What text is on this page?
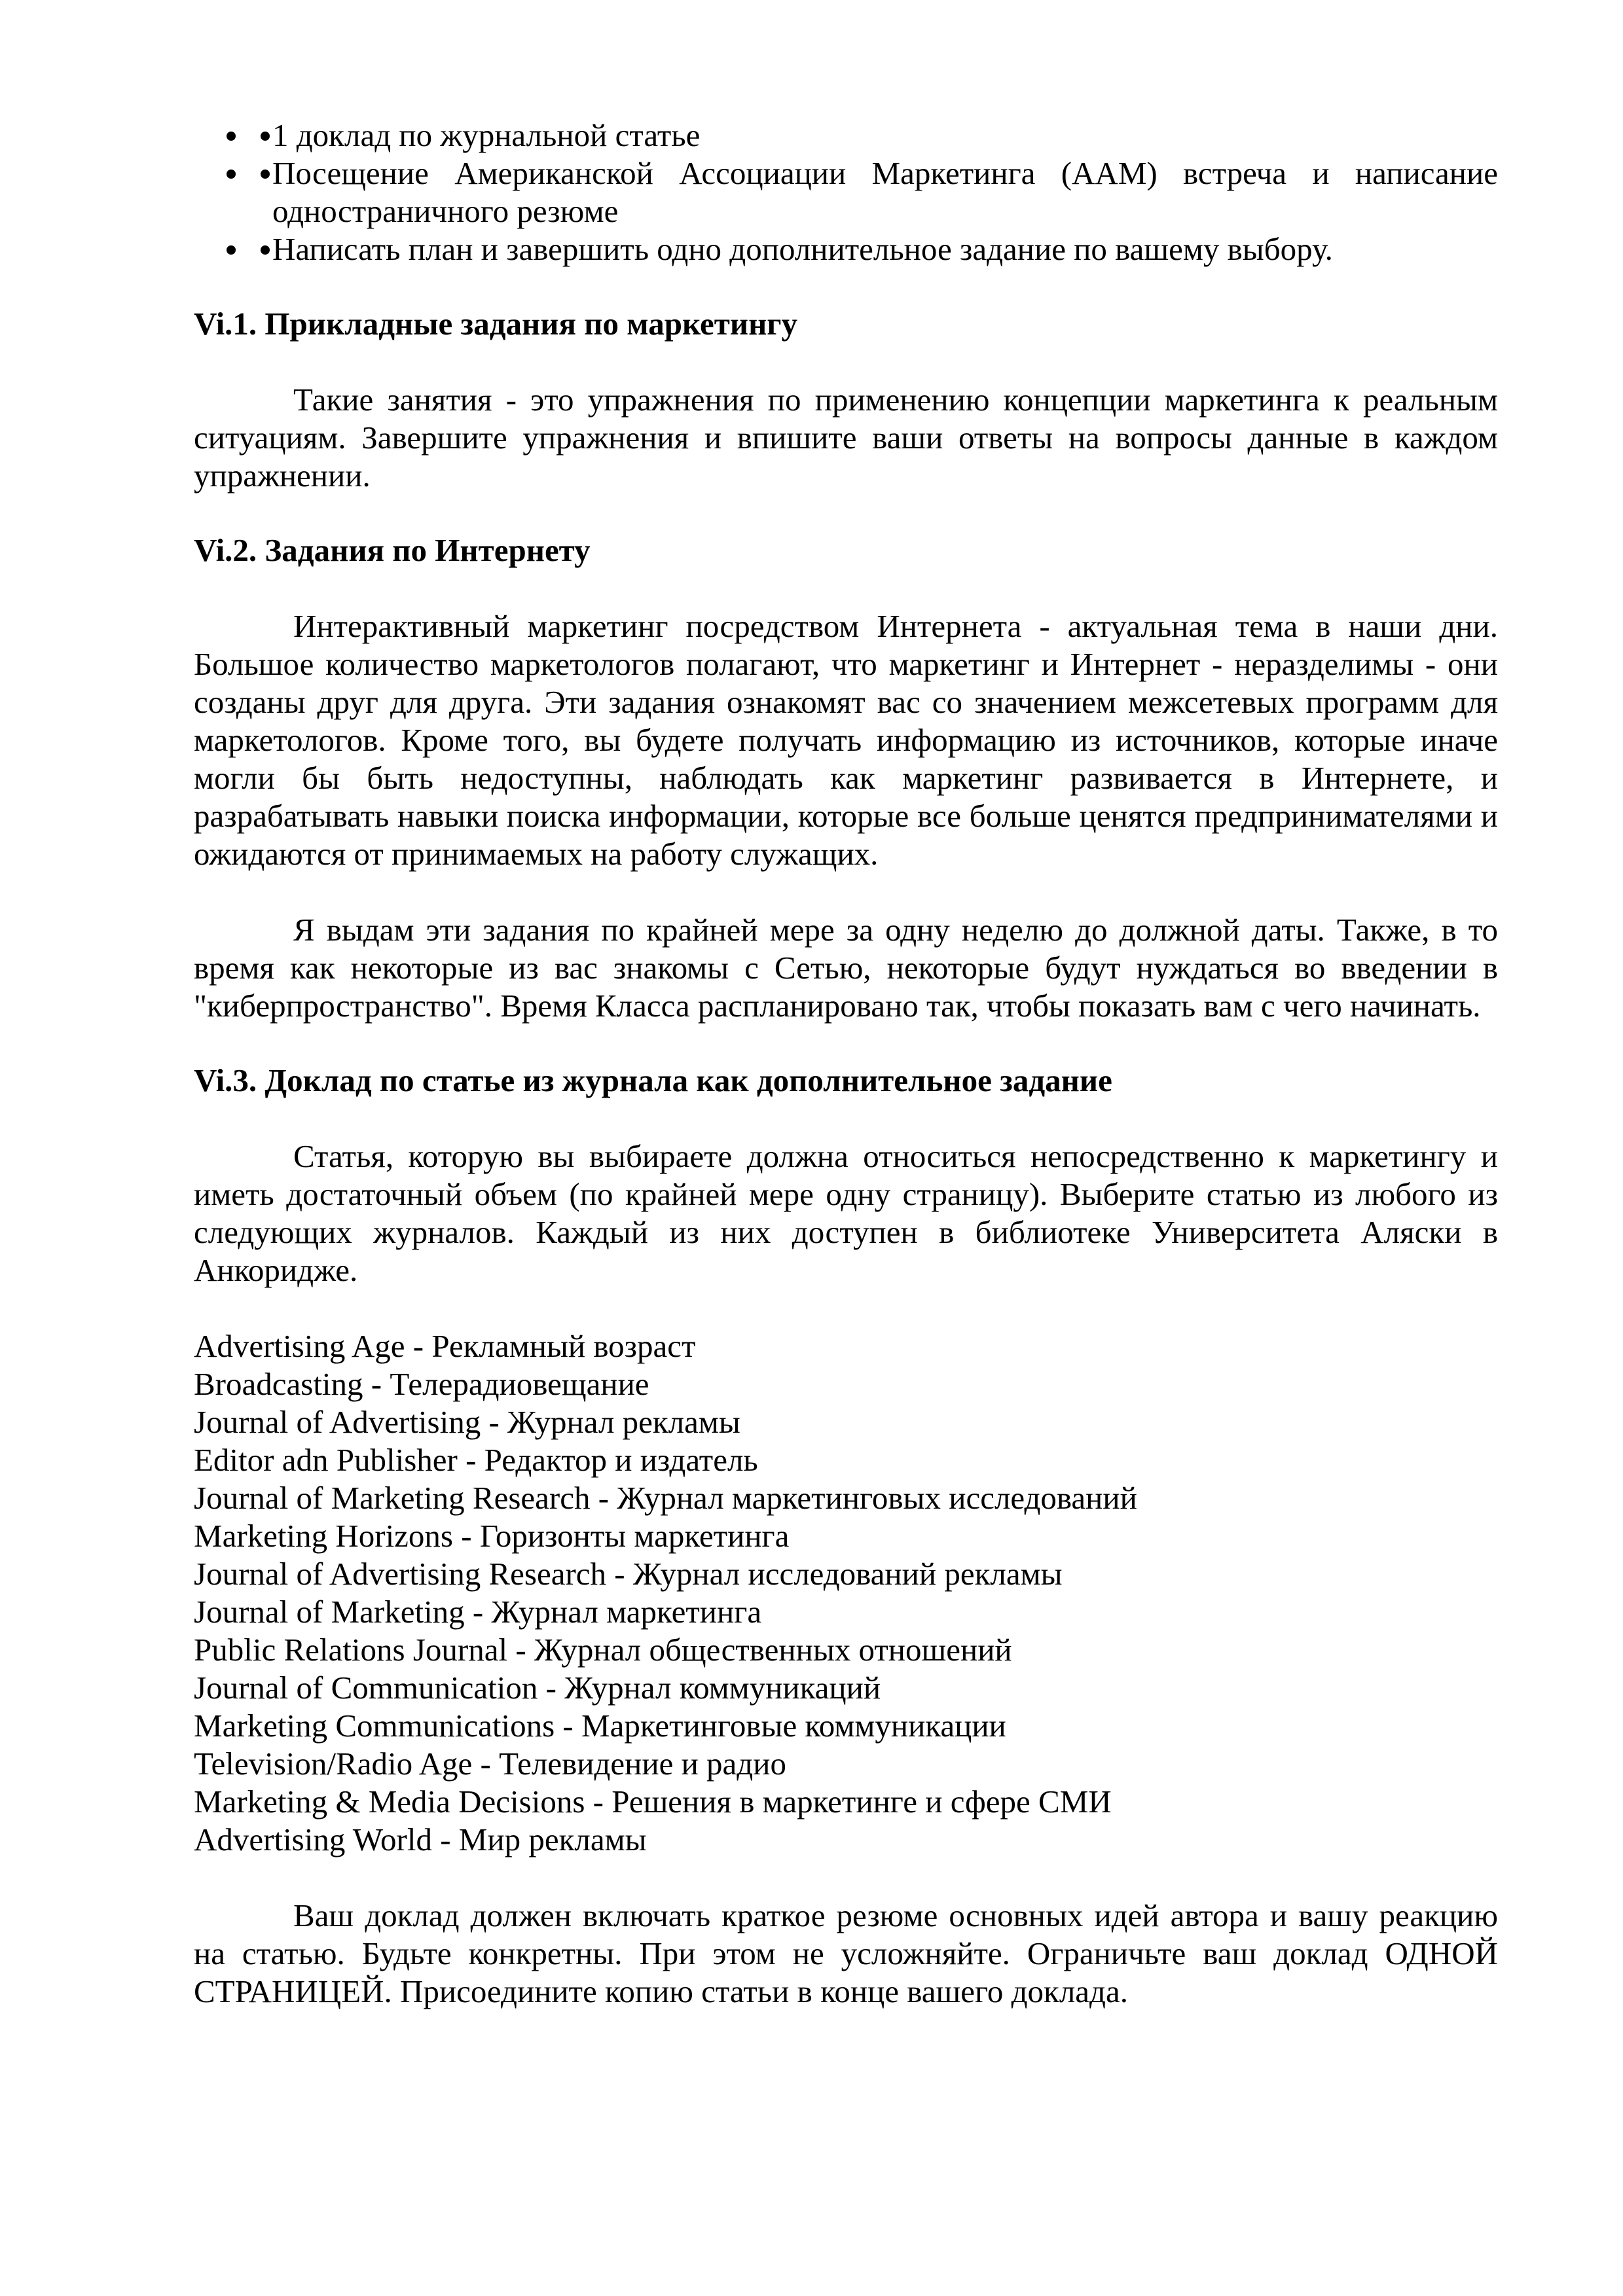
1 доклад по журнальной статье
Посещение Американской Ассоциации Маркетинга (ААМ) встреча и написание одностраничного резюме
Написать план и завершить одно дополнительное задание по вашему выбору.
Vi.1. Прикладные задания по маркетингу

Такие занятия - это упражнения по применению концепции маркетинга к реальным ситуациям. Завершите упражнения и впишите ваши ответы на вопросы данные в каждом упражнении.

Vi.2. Задания по Интернету

Интерактивный маркетинг посредством Интернета - актуальная тема в наши дни. Большое количество маркетологов полагают, что маркетинг и Интернет - неразделимы - они созданы друг для друга. Эти задания ознакомят вас со значением межсетевых программ для маркетологов. Кроме того, вы будете получать информацию из источников, которые иначе могли бы быть недоступны, наблюдать как маркетинг развивается в Интернете, и разрабатывать навыки поиска информации, которые все больше ценятся предпринимателями и ожидаются от принимаемых на работу служащих.

Я выдам эти задания по крайней мере за одну неделю до должной даты. Также, в то время как некоторые из вас знакомы с Сетью, некоторые будут нуждаться во введении в "киберпространство". Время Класса распланировано так, чтобы показать вам с чего начинать.

Vi.3. Доклад по статье из журнала как дополнительное задание

Статья, которую вы выбираете должна относиться непосредственно к маркетингу и иметь достаточный объем (по крайней мере одну страницу). Выберите статью из любого из следующих журналов. Каждый из них доступен в библиотеке Университета Аляски в Анкоридже.

Advertising Age - Рекламный возраст
Broadcasting - Телерадиовещание
Journal of Advertising - Журнал рекламы
Editor adn Publisher - Редактор и издатель
Journal of Marketing Research - Журнал маркетинговых исследований
Marketing Horizons - Горизонты маркетинга
Journal of Advertising Research - Журнал исследований рекламы
Journal of Marketing - Журнал маркетинга
Public Relations Journal - Журнал общественных отношений
Journal of Communication - Журнал коммуникаций
Marketing Communications - Маркетинговые коммуникации
Television/Radio Age - Телевидение и радио
Marketing & Media Decisions - Решения в маркетинге и сфере СМИ
Advertising World - Мир рекламы

Ваш доклад должен включать краткое резюме основных идей автора и вашу реакцию на статью. Будьте конкретны. При этом не усложняйте. Ограничьте ваш доклад ОДНОЙ СТРАНИЦЕЙ. Присоедините копию статьи в конце вашего доклада.
